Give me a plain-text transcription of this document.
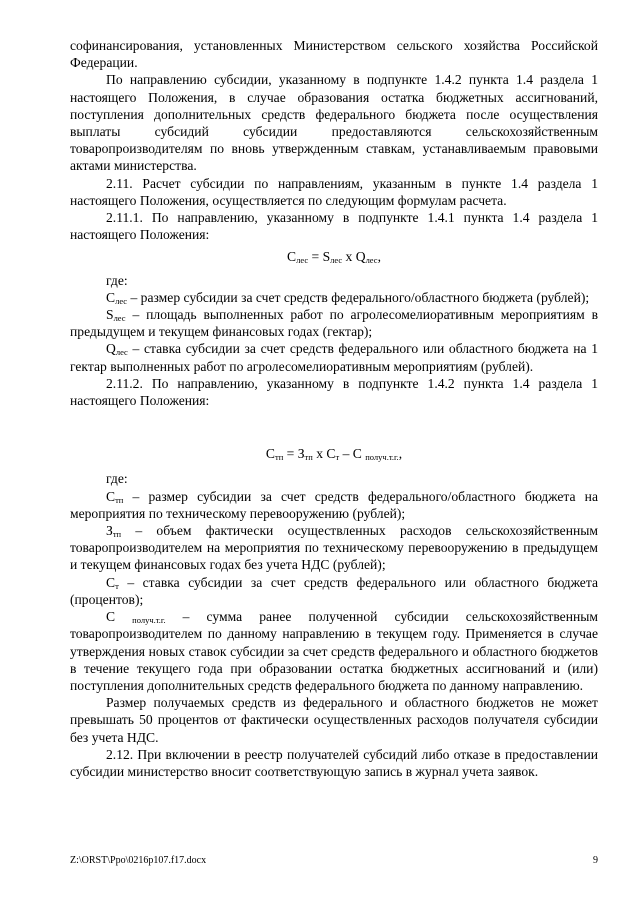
софинансирования, установленных Министерством сельского хозяйства Российской Федерации.

По направлению субсидии, указанному в подпункте 1.4.2 пункта 1.4 раздела 1 настоящего Положения, в случае образования остатка бюджетных ассигнований, поступления дополнительных средств федерального бюджета после осуществления выплаты субсидий субсидии предоставляются сельскохозяйственным товаропроизводителям по вновь утвержденным ставкам, устанавливаемым правовыми актами министерства.

2.11. Расчет субсидии по направлениям, указанным в пункте 1.4 раздела 1 настоящего Положения, осуществляется по следующим формулам расчета.

2.11.1. По направлению, указанному в подпункте 1.4.1 пункта 1.4 раздела 1 настоящего Положения:

$С_{лес} = S_{лес}$ х $Q_{лес}$,

где:

$С_{лес}$ – размер субсидии за счет средств федерального/областного бюджета (рублей);

$S_{лес}$ – площадь выполненных работ по агролесомелиоративным мероприятиям в предыдущем и текущем финансовых годах (гектар);

$Q_{лес}$ – ставка субсидии за счет средств федерального или областного бюджета на 1 гектар выполненных работ по агролесомелиоративным мероприятиям (рублей).

2.11.2. По направлению, указанному в подпункте 1.4.2 пункта 1.4 раздела 1 настоящего Положения:

$С_{тп} = З_{тп}$ х $С_т$ – С $_{получ.т.г.}$,

где:

$С_{тп}$ – размер субсидии за счет средств федерального/областного бюджета на мероприятия по техническому перевооружению (рублей);

$З_{тп}$ – объем фактически осуществленных расходов сельскохозяйственным товаропроизводителем на мероприятия по техническому перевооружению в предыдущем и текущем финансовых годах без учета НДС (рублей);

$С_т$ – ставка субсидии за счет средств федерального или областного бюджета (процентов);

С $_{получ.т.г.}$ – сумма ранее полученной субсидии сельскохозяйственным товаропроизводителем по данному направлению в текущем году. Применяется в случае утверждения новых ставок субсидии за счет средств федерального и областного бюджетов в течение текущего года при образовании остатка бюджетных ассигнований и (или) поступления дополнительных средств федерального бюджета по данному направлению.

Размер получаемых средств из федерального и областного бюджетов не может превышать 50 процентов от фактически осуществленных расходов получателя субсидии без учета НДС.

2.12. При включении в реестр получателей субсидий либо отказе в предоставлении субсидии министерство вносит соответствующую запись в журнал учета заявок.

Z:\ORST\Ppo\0216p107.f17.docx	9
